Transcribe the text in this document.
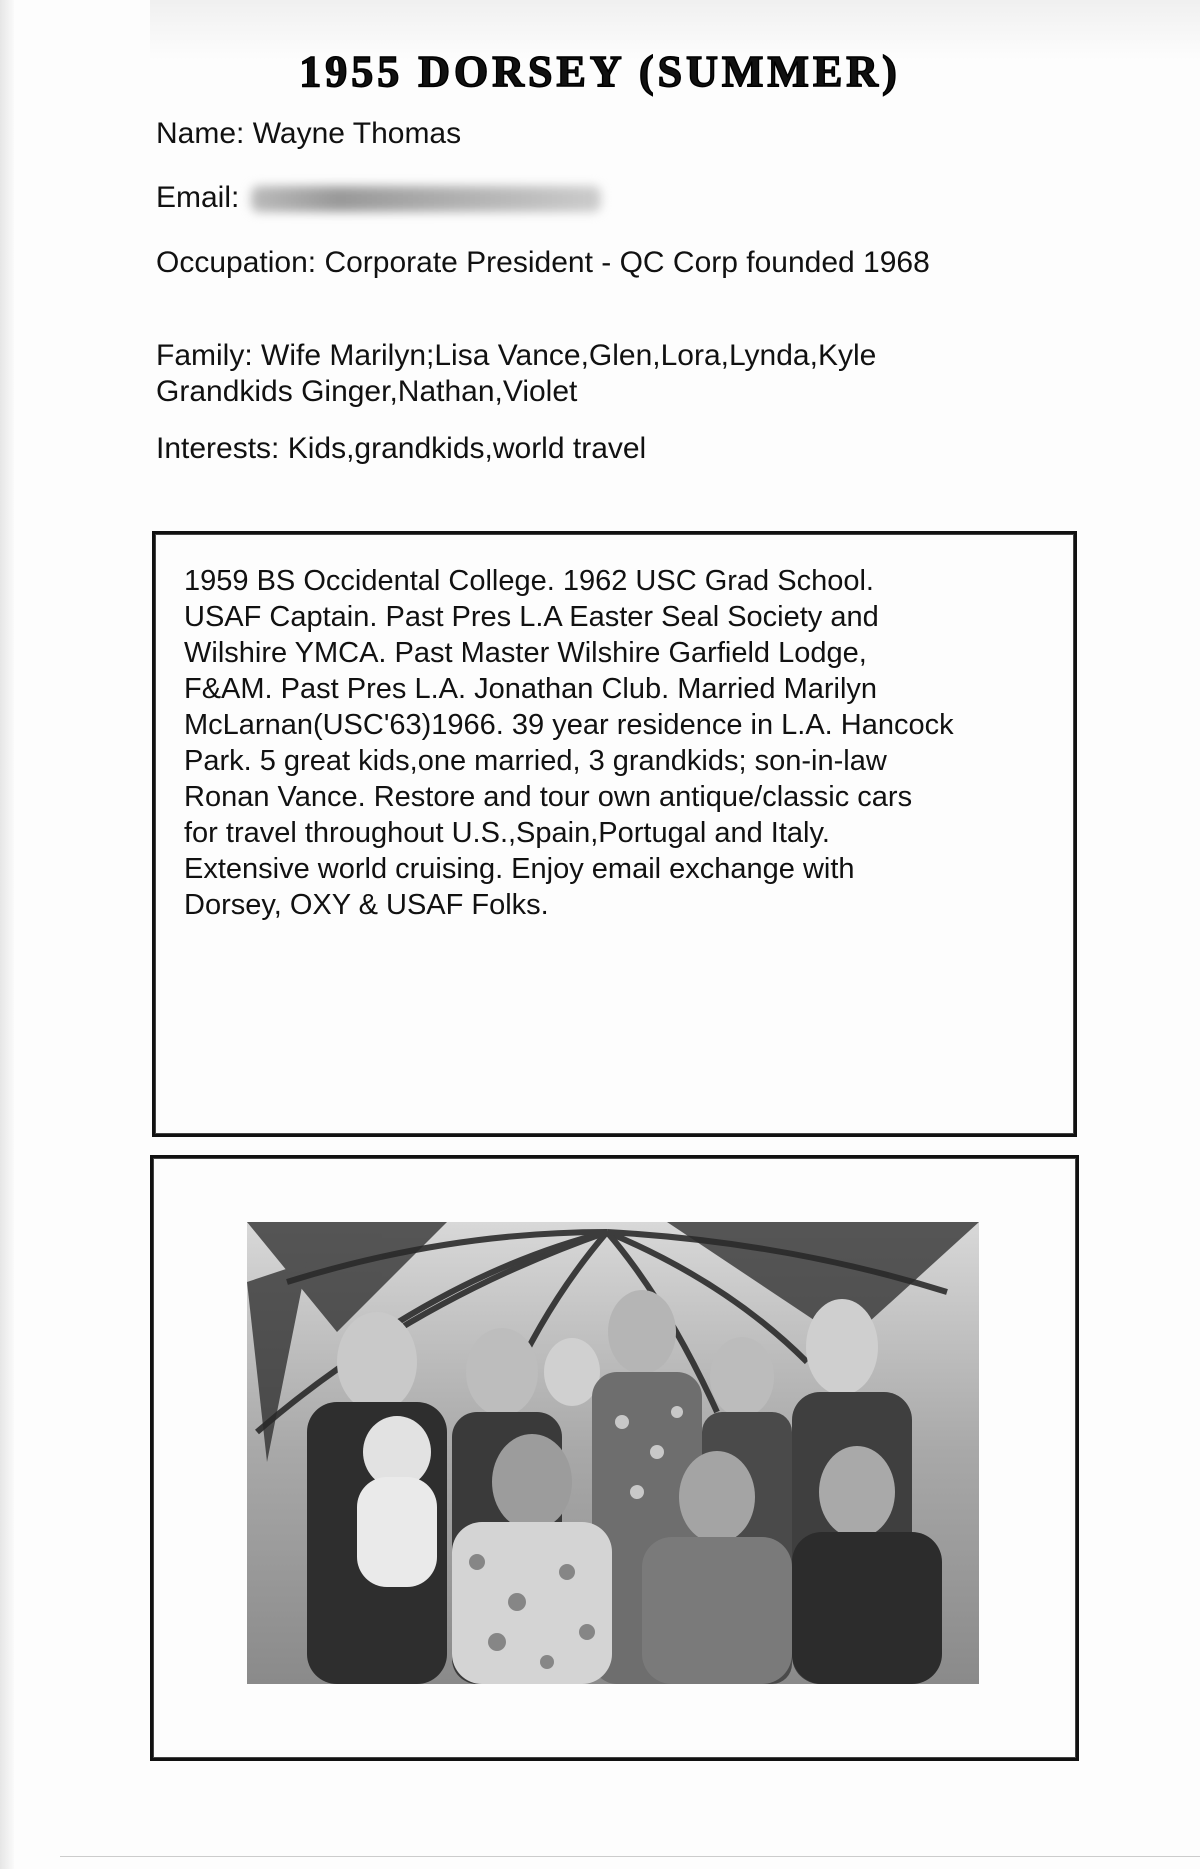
1955 DORSEY (SUMMER)
Name: Wayne Thomas
Email:
Occupation: Corporate President - QC Corp founded 1968
Family: Wife Marilyn;Lisa Vance,Glen,Lora,Lynda,Kyle
Grandkids Ginger,Nathan,Violet
Interests: Kids,grandkids,world travel
1959 BS Occidental College. 1962 USC Grad School.
USAF Captain. Past Pres L.A Easter Seal Society and
Wilshire YMCA. Past Master Wilshire Garfield Lodge,
F&AM. Past Pres L.A. Jonathan Club. Married Marilyn
McLarnan(USC'63)1966. 39 year residence in L.A. Hancock
Park. 5 great kids,one married, 3 grandkids; son-in-law
Ronan Vance. Restore and tour own antique/classic cars
for travel throughout U.S.,Spain,Portugal and Italy.
Extensive world cruising. Enjoy email exchange with
Dorsey, OXY & USAF Folks.
